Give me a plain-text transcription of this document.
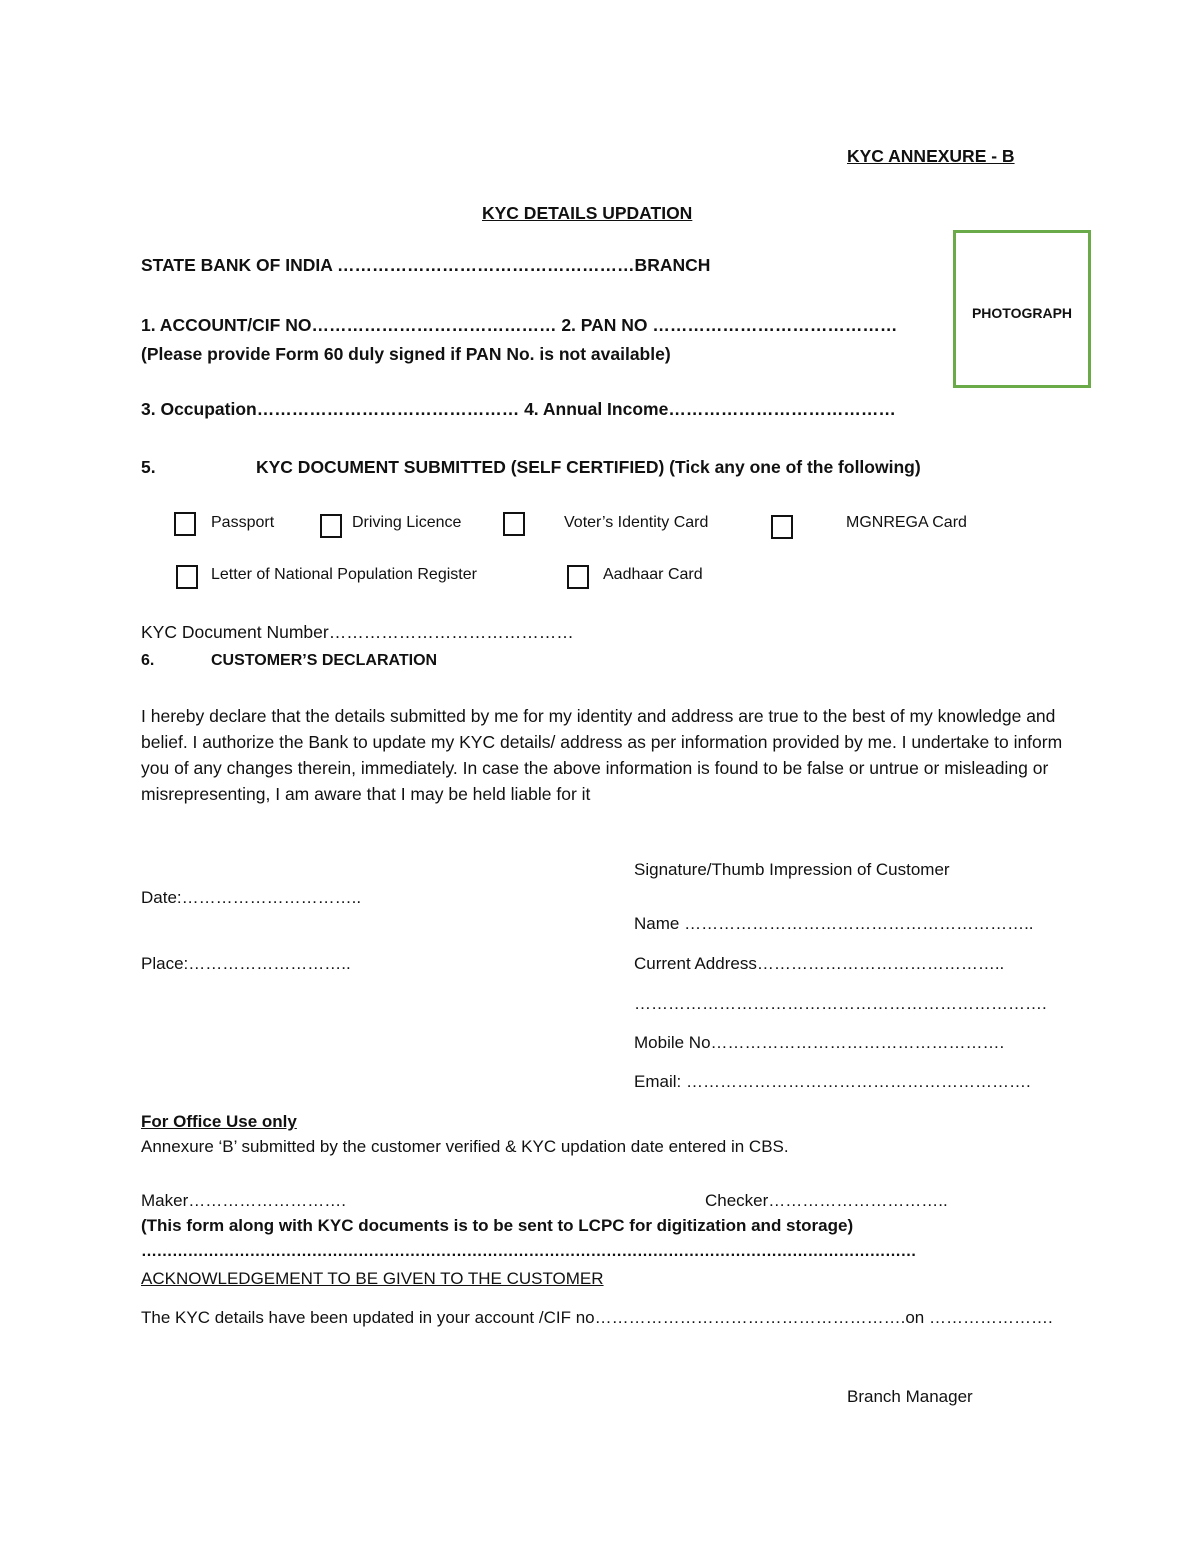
KYC ANNEXURE - B
KYC DETAILS UPDATION
STATE BANK OF INDIA ……………………………………………BRANCH
PHOTOGRAPH
1. ACCOUNT/CIF NO…………………………………… 2. PAN NO ……………………………………
(Please provide Form 60 duly signed if PAN No. is not available)
3. Occupation……………………………………… 4. Annual Income…………………………………
5.	KYC DOCUMENT SUBMITTED (SELF CERTIFIED) (Tick any one of the following)
Passport	Driving Licence	Voter’s Identity Card	MGNREGA Card
Letter of National Population Register	Aadhaar Card
KYC Document Number……………………………………
6.	CUSTOMER’S DECLARATION

I hereby declare that the details submitted by me for my identity and address are true to the best of my knowledge and belief. I authorize the Bank to update my KYC details/ address as per information provided by me. I undertake to inform you of any changes therein, immediately. In case the above information is found to be false or untrue or misleading or misrepresenting, I am aware that I may be held liable for it

Signature/Thumb Impression of Customer
Date:…………………………..
Name ……………………………………………………..
Place:………………………..	Current Address……………………………………..
……………………………………………………………….
Mobile No…………………………………………….
Email: …………………………………………………….
For Office Use only
Annexure ‘B’ submitted by the customer verified & KYC updation date entered in CBS.
Maker……………………….	Checker…………………………..
(This form along with KYC documents is to be sent to LCPC for digitization and storage)
……………………………………………………………………………………………………………………………………
ACKNOWLEDGEMENT TO BE GIVEN TO THE CUSTOMER
The KYC details have been updated in your account /CIF no……………………………………………….on ………………….
Branch Manager
